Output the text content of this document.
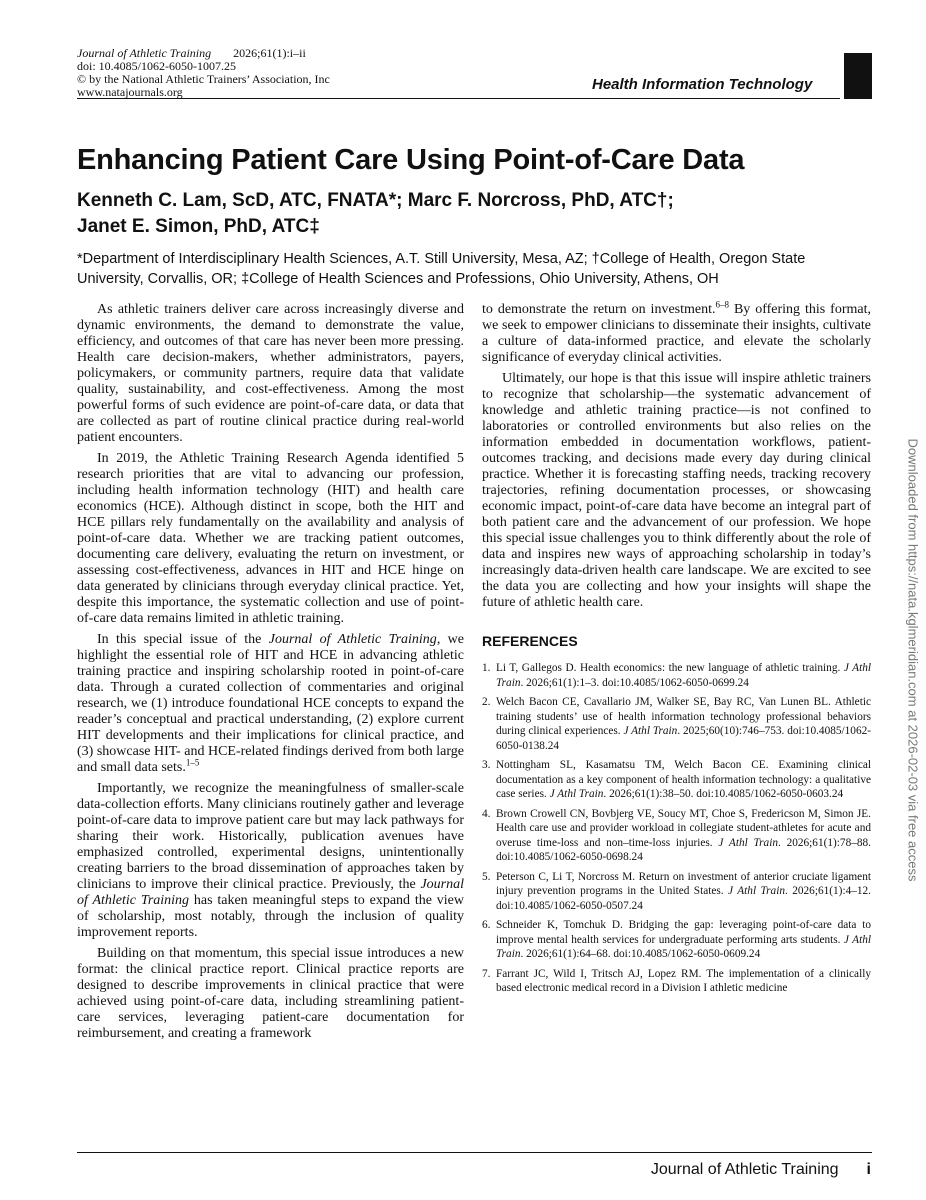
Journal of Athletic Training 2026;61(1):i–ii
doi: 10.4085/1062-6050-1007.25
© by the National Athletic Trainers’ Association, Inc
www.natajournals.org	Health Information Technology
Enhancing Patient Care Using Point-of-Care Data
Kenneth C. Lam, ScD, ATC, FNATA*; Marc F. Norcross, PhD, ATC†;
Janet E. Simon, PhD, ATC‡
*Department of Interdisciplinary Health Sciences, A.T. Still University, Mesa, AZ; †College of Health, Oregon State University, Corvallis, OR; ‡College of Health Sciences and Professions, Ohio University, Athens, OH

As athletic trainers deliver care across increasingly diverse and dynamic environments, the demand to demonstrate the value, efficiency, and outcomes of that care has never been more pressing. Health care decision-makers, whether administrators, payers, policymakers, or community partners, require data that validate quality, sustainability, and cost-effectiveness. Among the most powerful forms of such evidence are point-of-care data, or data that are collected as part of routine clinical practice during real-world patient encounters.

In 2019, the Athletic Training Research Agenda identified 5 research priorities that are vital to advancing our profession, including health information technology (HIT) and health care economics (HCE). Although distinct in scope, both the HIT and HCE pillars rely fundamentally on the availability and analysis of point-of-care data. Whether we are tracking patient outcomes, documenting care delivery, evaluating the return on investment, or assessing cost-effectiveness, advances in HIT and HCE hinge on data generated by clinicians through everyday clinical practice. Yet, despite this importance, the systematic collection and use of point-of-care data remains limited in athletic training.

In this special issue of the Journal of Athletic Training, we highlight the essential role of HIT and HCE in advancing athletic training practice and inspiring scholarship rooted in point-of-care data. Through a curated collection of commentaries and original research, we (1) introduce foundational HCE concepts to expand the reader’s conceptual and practical understanding, (2) explore current HIT developments and their implications for clinical practice, and (3) showcase HIT- and HCE-related findings derived from both large and small data sets.$^{1-5}$

Importantly, we recognize the meaningfulness of smaller-scale data-collection efforts. Many clinicians routinely gather and leverage point-of-care data to improve patient care but may lack pathways for sharing their work. Historically, publication avenues have emphasized controlled, experimental designs, unintentionally creating barriers to the broad dissemination of approaches taken by clinicians to improve their clinical practice. Previously, the Journal of Athletic Training has taken meaningful steps to expand the view of scholarship, most notably, through the inclusion of quality improvement reports.

Building on that momentum, this special issue introduces a new format: the clinical practice report. Clinical practice reports are designed to describe improvements in clinical practice that were achieved using point-of-care data, including streamlining patient-care services, leveraging patient-care documentation for reimbursement, and creating a framework

to demonstrate the return on investment.$^{6-8}$ By offering this format, we seek to empower clinicians to disseminate their insights, cultivate a culture of data-informed practice, and elevate the scholarly significance of everyday clinical activities.

Ultimately, our hope is that this issue will inspire athletic trainers to recognize that scholarship—the systematic advancement of knowledge and athletic training practice—is not confined to laboratories or controlled environments but also relies on the information embedded in documentation workflows, patient-outcomes tracking, and decisions made every day during clinical practice. Whether it is forecasting staffing needs, tracking recovery trajectories, refining documentation processes, or showcasing economic impact, point-of-care data have become an integral part of both patient care and the advancement of our profession. We hope this special issue challenges you to think differently about the role of data and inspires new ways of approaching scholarship in today’s increasingly data-driven health care landscape. We are excited to see the data you are collecting and how your insights will shape the future of athletic health care.

REFERENCES
1. Li T, Gallegos D. Health economics: the new language of athletic training. J Athl Train. 2026;61(1):1–3. doi:10.4085/1062-6050-0699.24
2. Welch Bacon CE, Cavallario JM, Walker SE, Bay RC, Van Lunen BL. Athletic training students’ use of health information technology professional behaviors during clinical experiences. J Athl Train. 2025;60(10):746–753. doi:10.4085/1062-6050-0138.24
3. Nottingham SL, Kasamatsu TM, Welch Bacon CE. Examining clinical documentation as a key component of health information technology: a qualitative case series. J Athl Train. 2026;61(1):38–50. doi:10.4085/1062-6050-0603.24
4. Brown Crowell CN, Bovbjerg VE, Soucy MT, Choe S, Fredericson M, Simon JE. Health care use and provider workload in collegiate student-athletes for acute and overuse time-loss and non–time-loss injuries. J Athl Train. 2026;61(1):78–88. doi:10.4085/1062-6050-0698.24
5. Peterson C, Li T, Norcross M. Return on investment of anterior cruciate ligament injury prevention programs in the United States. J Athl Train. 2026;61(1):4–12. doi:10.4085/1062-6050-0507.24
6. Schneider K, Tomchuk D. Bridging the gap: leveraging point-of-care data to improve mental health services for undergraduate performing arts students. J Athl Train. 2026;61(1):64–68. doi:10.4085/1062-6050-0609.24
7. Farrant JC, Wild I, Tritsch AJ, Lopez RM. The implementation of a clinically based electronic medical record in a Division I athletic medicine
Downloaded from https://nata.kglmeridian.com at 2026-02-03 via free access
Journal of Athletic Training i
